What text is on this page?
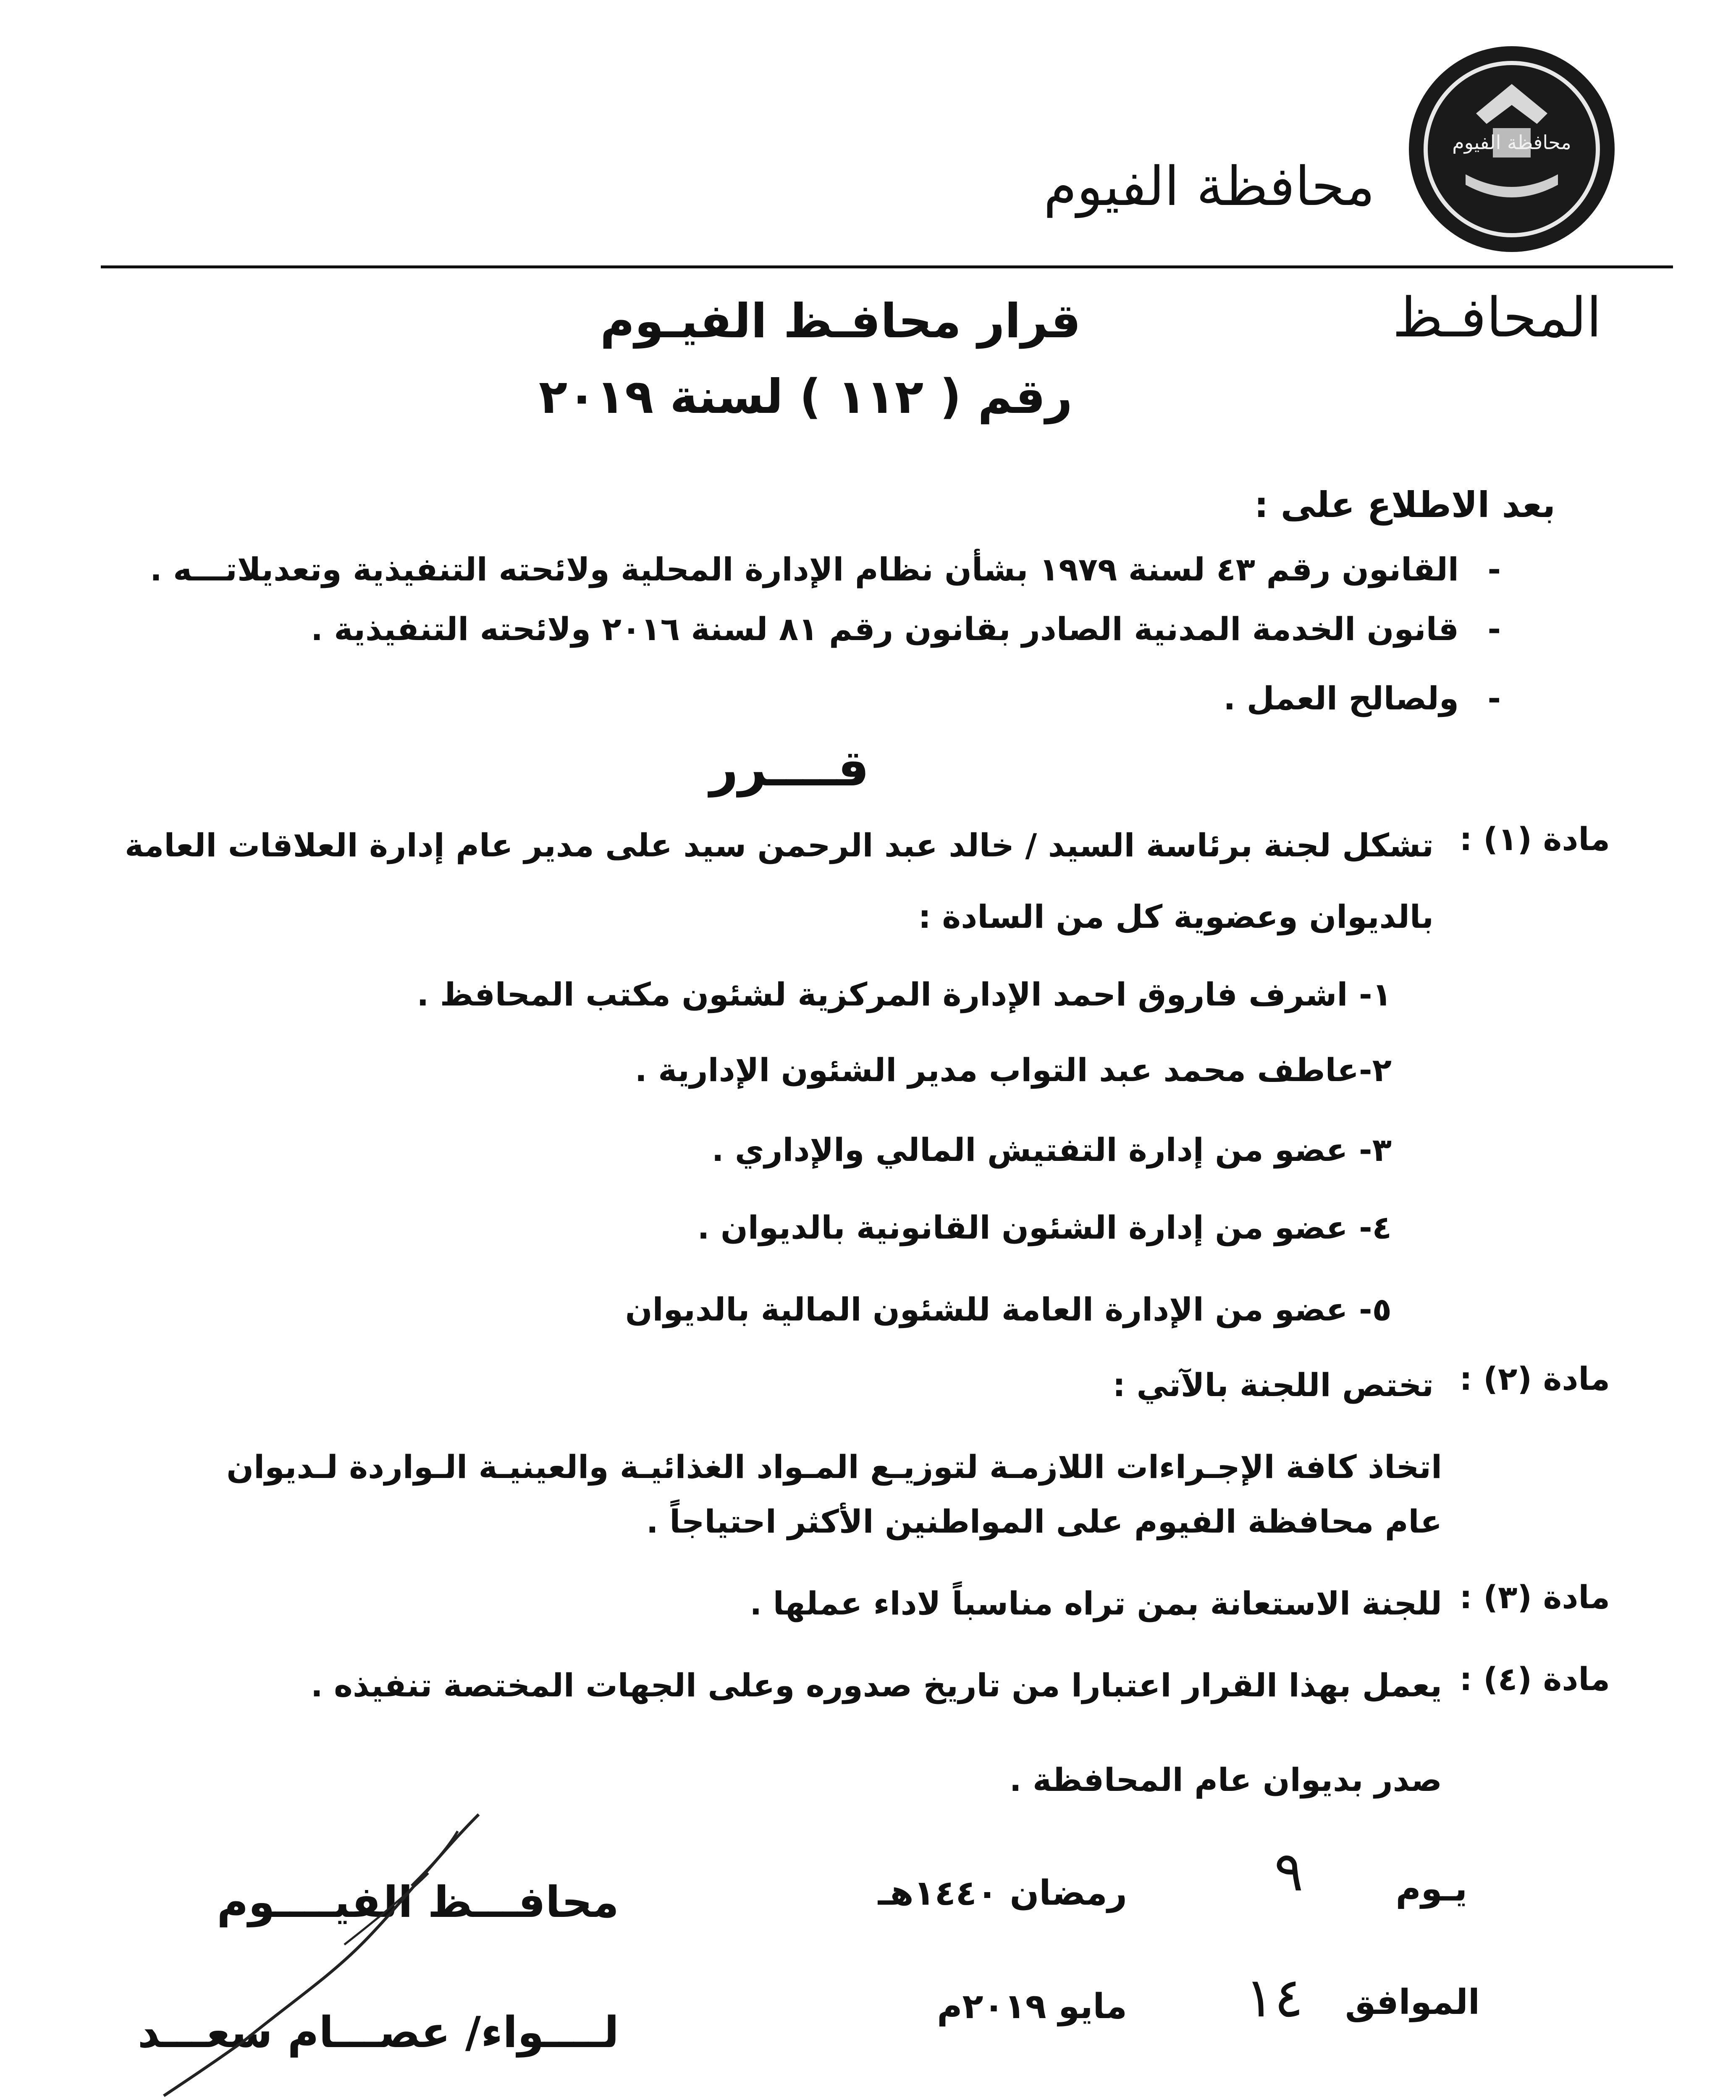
محافظة الفيوم
محافظة الفيوم
المحافـظ
قرار محافـظ الفيـوم
رقم ( ١١٢ ) لسنة ٢٠١٩
بعد الاطلاع على :
-
القانون رقم ٤٣ لسنة ١٩٧٩ بشأن نظام الإدارة المحلية ولائحته التنفيذية وتعديلاتـــه .
-
قانون الخدمة المدنية الصادر بقانون رقم ٨١ لسنة ٢٠١٦ ولائحته التنفيذية .
-
ولصالح العمل .
قــــرر
مادة (١) :
تشكل لجنة برئاسة السيد / خالد عبد الرحمن سيد على مدير عام إدارة العلاقات العامة
بالديوان وعضوية كل من السادة :
١- اشرف فاروق احمد الإدارة المركزية لشئون مكتب المحافظ .
٢-عاطف محمد عبد التواب مدير الشئون الإدارية .
٣- عضو من إدارة التفتيش المالي والإداري .
٤- عضو من إدارة الشئون القانونية بالديوان .
٥- عضو من الإدارة العامة للشئون المالية بالديوان
مادة (٢) :
تختص اللجنة بالآتي :
اتخاذ كافة الإجـراءات اللازمـة لتوزيـع المـواد الغذائيـة والعينيـة الـواردة لـديوان
عام محافظة الفيوم على المواطنين الأكثر احتياجاً .
مادة (٣) :
للجنة الاستعانة بمن تراه مناسباً لاداء عملها .
مادة (٤) :
يعمل بهذا القرار اعتبارا من تاريخ صدوره وعلى الجهات المختصة تنفيذه .
صدر بديوان عام المحافظة .
يـوم
٩
رمضان ١٤٤٠هـ
الموافق
١٤
مايو ٢٠١٩م
محافـــظ الفيــــوم
لــــواء/ عصـــام سعـــد
